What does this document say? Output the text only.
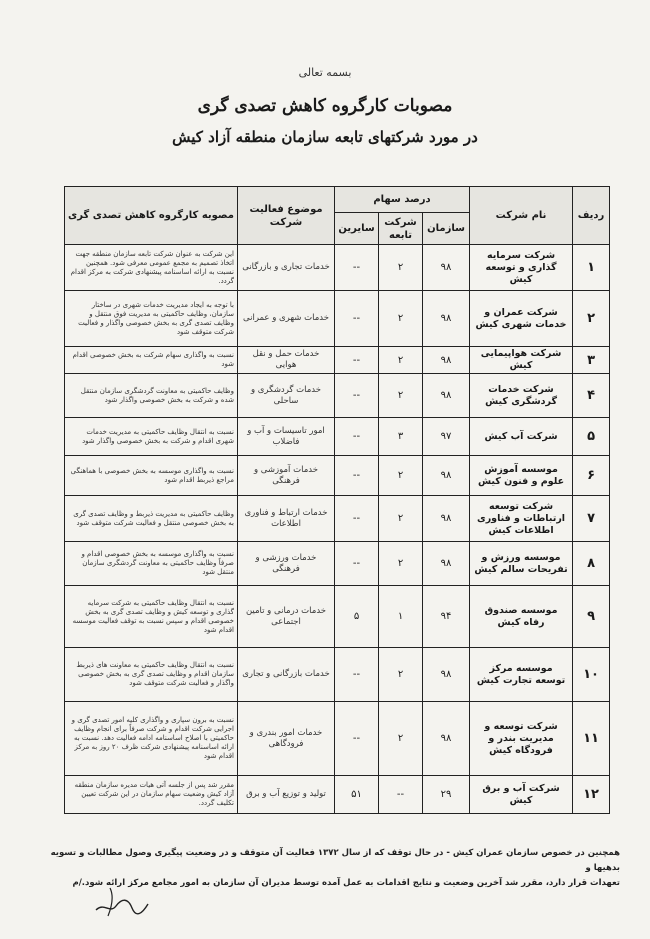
بسمه تعالی
مصوبات کارگروه کاهش تصدی گری
در مورد شرکتهای تابعه سازمان منطقه آزاد کیش
ردیف	نام شرکت	درصد سهام			موضوع فعالیت شرکت	مصوبه کارگروه کاهش تصدی گری
		سازمان	شرکت تابعه	سایرین		
۱	شرکت سرمایه گذاری و توسعه کیش	۹۸	۲	--	خدمات تجاری و بازرگانی	این شرکت به عنوان شرکت تابعه سازمان منطقه جهت اتخاذ تصمیم به مجمع عمومی معرفی شود. همچنین نسبت به ارائه اساسنامه پیشنهادی شرکت به مرکز اقدام گردد.
۲	شرکت عمران و خدمات شهری کیش	۹۸	۲	--	خدمات شهری و عمرانی	با توجه به ایجاد مدیریت خدمات شهری در ساختار سازمان، وظایف حاکمیتی به مدیریت فوق منتقل و وظایف تصدی گری به بخش خصوصی واگذار و فعالیت شرکت متوقف شود
۳	شرکت هواپیمایی کیش	۹۸	۲	--	خدمات حمل و نقل هوایی	نسبت به واگذاری سهام شرکت به بخش خصوصی اقدام شود
۴	شرکت خدمات گردشگری کیش	۹۸	۲	--	خدمات گردشگری و ساحلی	وظایف حاکمیتی به معاونت گردشگری سازمان منتقل شده و شرکت به بخش خصوصی واگذار شود
۵	شرکت آب کیش	۹۷	۳	--	امور تاسیسات و آب و فاضلاب	نسبت به انتقال وظایف حاکمیتی به مدیریت خدمات شهری اقدام و شرکت به بخش خصوصی واگذار شود
۶	موسسه آموزش علوم و فنون کیش	۹۸	۲	--	خدمات آموزشی و فرهنگی	نسبت به واگذاری موسسه به بخش خصوصی با هماهنگی مراجع ذیربط اقدام شود
۷	شرکت توسعه ارتباطات و فناوری اطلاعات کیش	۹۸	۲	--	خدمات ارتباط و فناوری اطلاعات	وظایف حاکمیتی به مدیریت ذیربط و وظایف تصدی گری به بخش خصوصی منتقل و فعالیت شرکت متوقف شود
۸	موسسه ورزش و تفریحات سالم کیش	۹۸	۲	--	خدمات ورزشی و فرهنگی	نسبت به واگذاری موسسه به بخش خصوصی اقدام و صرفاً وظایف حاکمیتی به معاونت گردشگری سازمان منتقل شود
۹	موسسه صندوق رفاه کیش	۹۴	۱	۵	خدمات درمانی و تامین اجتماعی	نسبت به انتقال وظایف حاکمیتی به شرکت سرمایه گذاری و توسعه کیش و وظایف تصدی گری به بخش خصوصی اقدام و سپس نسبت به توقف فعالیت موسسه اقدام شود
۱۰	موسسه مرکز توسعه تجارت کیش	۹۸	۲	--	خدمات بازرگانی و تجاری	نسبت به انتقال وظایف حاکمیتی به معاونت های ذیربط سازمان اقدام و وظایف تصدی گری به بخش خصوصی واگذار و فعالیت شرکت متوقف شود
۱۱	شرکت توسعه و مدیریت بندر و فرودگاه کیش	۹۸	۲	--	خدمات امور بندری و فرودگاهی	نسبت به برون سپاری و واگذاری کلیه امور تصدی گری و اجرایی شرکت اقدام و شرکت صرفاً برای انجام وظایف حاکمیتی با اصلاح اساسنامه ادامه فعالیت دهد. نسبت به ارائه اساسنامه پیشنهادی شرکت ظرف ۲۰ روز به مرکز اقدام شود
۱۲	شرکت آب و برق کیش	۲۹	--	۵۱	تولید و توزیع آب و برق	مقرر شد پس از جلسه آتی هیات مدیره سازمان منطقه آزاد کیش وضعیت سهام سازمان در این شرکت تعیین تکلیف گردد.
همچنین در خصوص سازمان عمران کیش - در حال توقف که از سال ۱۳۷۲ فعالیت آن متوقف و در وضعیت پیگیری وصول مطالبات و تسویه بدهیها و
تعهدات قرار دارد، مقرر شد آخرین وضعیت و نتایج اقدامات به عمل آمده توسط مدیران آن سازمان به امور مجامع مرکز ارائه شود./م
